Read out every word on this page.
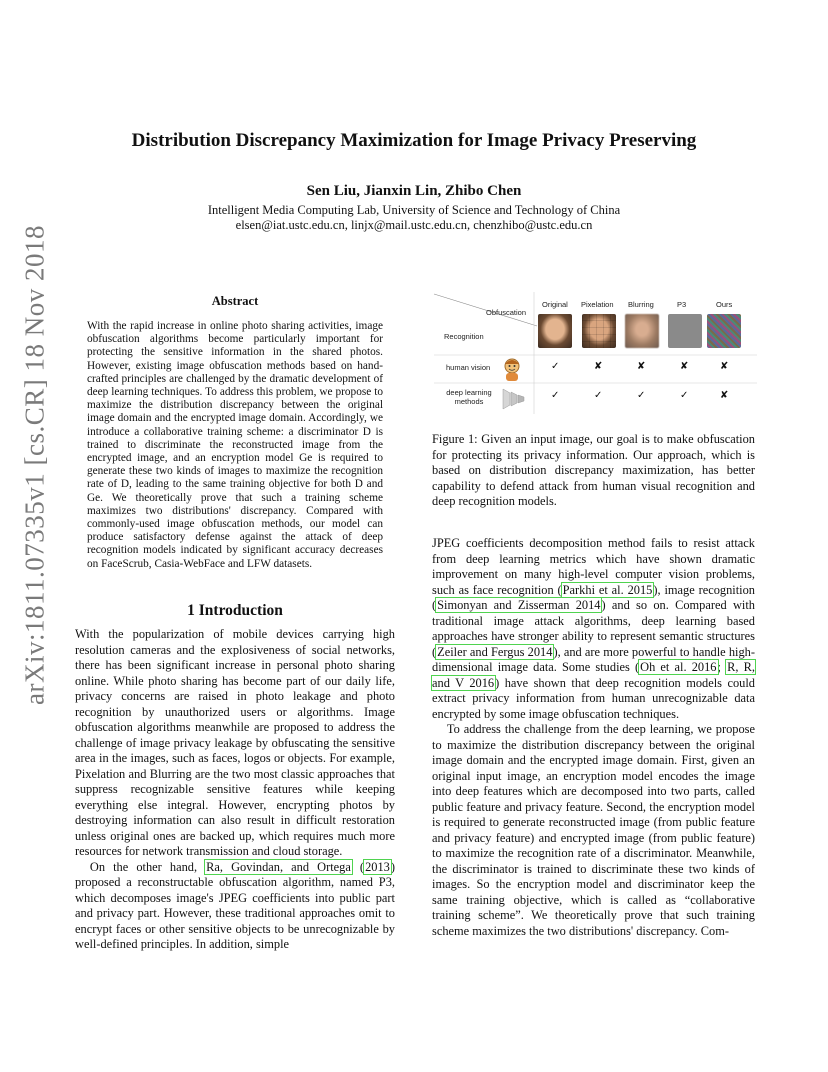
arXiv:1811.07335v1 [cs.CR] 18 Nov 2018
Distribution Discrepancy Maximization for Image Privacy Preserving
Sen Liu, Jianxin Lin, Zhibo Chen
Intelligent Media Computing Lab, University of Science and Technology of China
elsen@iat.ustc.edu.cn, linjx@mail.ustc.edu.cn, chenzhibo@ustc.edu.cn
Abstract
With the rapid increase in online photo sharing activities, image obfuscation algorithms become particularly important for protecting the sensitive information in the shared photos. However, existing image obfuscation methods based on hand-crafted principles are challenged by the dramatic development of deep learning techniques. To address this problem, we propose to maximize the distribution discrepancy between the original image domain and the encrypted image domain. Accordingly, we introduce a collaborative training scheme: a discriminator D is trained to discriminate the reconstructed image from the encrypted image, and an encryption model Ge is required to generate these two kinds of images to maximize the recognition rate of D, leading to the same training objective for both D and Ge. We theoretically prove that such a training scheme maximizes two distributions' discrepancy. Compared with commonly-used image obfuscation methods, our model can produce satisfactory defense against the attack of deep recognition models indicated by significant accuracy decreases on FaceScrub, Casia-WebFace and LFW datasets.
1 Introduction

With the popularization of mobile devices carrying high resolution cameras and the explosiveness of social networks, there has been significant increase in personal photo sharing online. While photo sharing has become part of our daily life, privacy concerns are raised in photo leakage and photo recognition by unauthorized users or algorithms. Image obfuscation algorithms meanwhile are proposed to address the challenge of image privacy leakage by obfuscating the sensitive area in the images, such as faces, logos or objects. For example, Pixelation and Blurring are the two most classic approaches that suppress recognizable sensitive features while keeping everything else integral. However, encrypting photos by destroying information can also result in difficult restoration unless original ones are backed up, which requires much more resources for network transmission and cloud storage.

On the other hand, Ra, Govindan, and Ortega (2013) proposed a reconstructable obfuscation algorithm, named P3, which decomposes image's JPEG coefficients into public part and privacy part. However, these traditional approaches omit to encrypt faces or other sensitive objects to be unrecognizable by well-defined principles. In addition, simple

Original Pixelation Blurring	P3	Ours
Obfuscation
Recognition
human vision	✓	✘	✘	✘	✘
deep learning methods
✓	✓	✓	✓	✘
Figure 1: Given an input image, our goal is to make obfuscation for protecting its privacy information. Our approach, which is based on distribution discrepancy maximization, has better capability to defend attack from human visual recognition and deep recognition models.

JPEG coefficients decomposition method fails to resist attack from deep learning metrics which have shown dramatic improvement on many high-level computer vision problems, such as face recognition (Parkhi et al. 2015), image recognition (Simonyan and Zisserman 2014) and so on. Compared with traditional image attack algorithms, deep learning based approaches have stronger ability to represent semantic structures (Zeiler and Fergus 2014), and are more powerful to handle high-dimensional image data. Some studies (Oh et al. 2016; R, R, and V 2016) have shown that deep recognition models could extract privacy information from human unrecognizable data encrypted by some image obfuscation techniques.

To address the challenge from the deep learning, we propose to maximize the distribution discrepancy between the original image domain and the encrypted image domain. First, given an original input image, an encryption model encodes the image into deep features which are decomposed into two parts, called public feature and privacy feature. Second, the encryption model is required to generate reconstructed image (from public feature and privacy feature) and encrypted image (from public feature) to maximize the recognition rate of a discriminator. Meanwhile, the discriminator is trained to discriminate these two kinds of images. So the encryption model and discriminator keep the same training objective, which is called as “collaborative training scheme”. We theoretically prove that such training scheme maximizes the two distributions' discrepancy. Com-
